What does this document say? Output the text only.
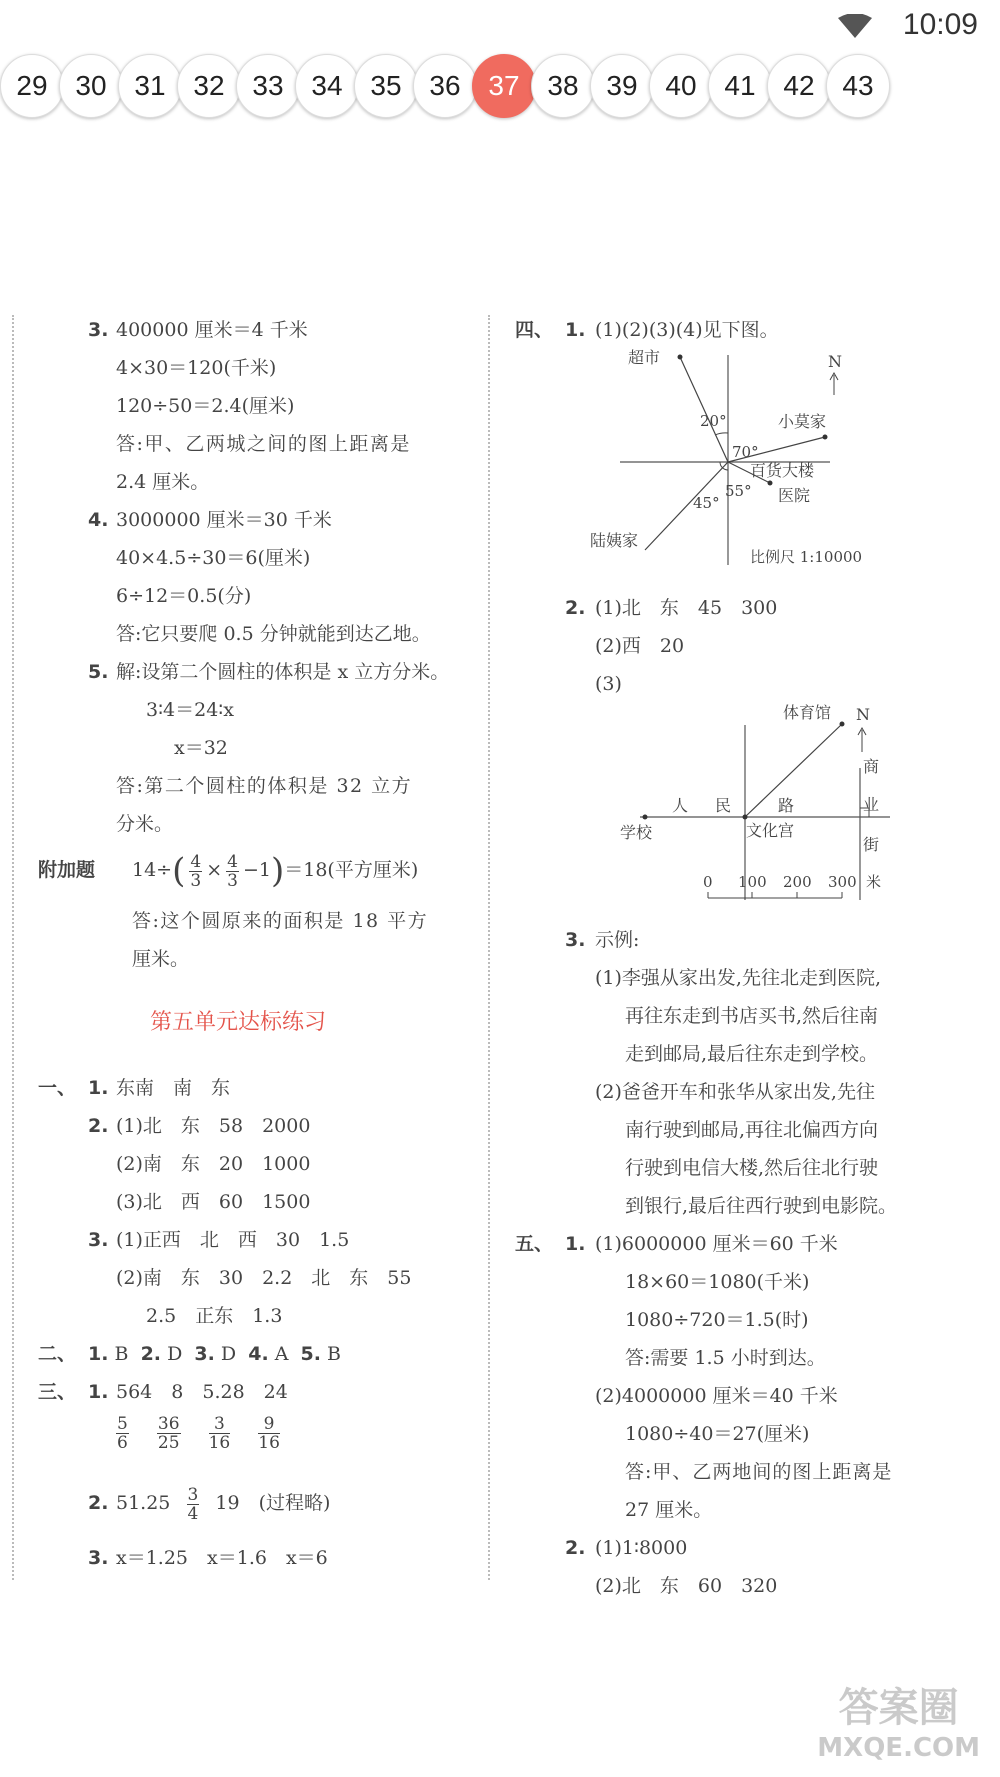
10:09
29 30 31 32 33 34 35 36 37 38 39 40 41 42 43
3. 400000 厘米＝4 千米
4×30＝120(千米)
120÷50＝2.4(厘米)
答:甲、乙两城之间的图上距离是
2.4 厘米。
4. 3000000 厘米＝30 千米
40×4.5÷30＝6(厘米)
6÷12＝0.5(分)
答:它只要爬 0.5 分钟就能到达乙地。
5. 解:设第二个圆柱的体积是 x 立方分米。
3∶4＝24∶x
x＝32
答:第二个圆柱的体积是 32 立方
分米。
附加题 $14\div( \frac{4}{3} \times \frac{4}{3} -1)=18$(平方厘米)
答:这个圆原来的面积是 18 平方
厘米。
第五单元达标练习
一、 1. 东南　南　东
2. (1)北　东　58　2000
(2)南　东　20　1000
(3)北　西　60　1500
3. (1)正西　北　西　30　1.5
(2)南　东　30　2.2　北　东　55
2.5　正东　1.3
二、 1. B 2. D 3. D 4. A 5. B
三、 1. 564　8　5.28　24
$\frac{5}{6}$
$\frac{36}{25}$
$\frac{3}{16}$
$\frac{9}{16}$
2. $51.25 \frac{3}{4} 19$　(过程略)
3. x＝1.25　x＝1.6　x＝6
四、 1. (1)(2)(3)(4)见下图。
超市	N
20°	小莫家
70°
百货大楼
55° 医院
45°
陆姨家
比例尺 1:10000
2. (1)北　东　45　300
(2)西　20
(3)
体育馆 N
商
业
街
人 民	路
学校	文化宫
0 100 200 300 米
3. 示例:
(1)李强从家出发,先往北走到医院,
再往东走到书店买书,然后往南
走到邮局,最后往东走到学校。
(2)爸爸开车和张华从家出发,先往
南行驶到邮局,再往北偏西方向
行驶到电信大楼,然后往北行驶
到银行,最后往西行驶到电影院。
五、 1. (1)6000000 厘米＝60 千米
18×60＝1080(千米)
1080÷720＝1.5(时)
答:需要 1.5 小时到达。
(2)4000000 厘米＝40 千米
1080÷40＝27(厘米)
答:甲、乙两地间的图上距离是
27 厘米。
2. (1)1∶8000
(2)北　东　60　320
答案圈
MXQE.COM
